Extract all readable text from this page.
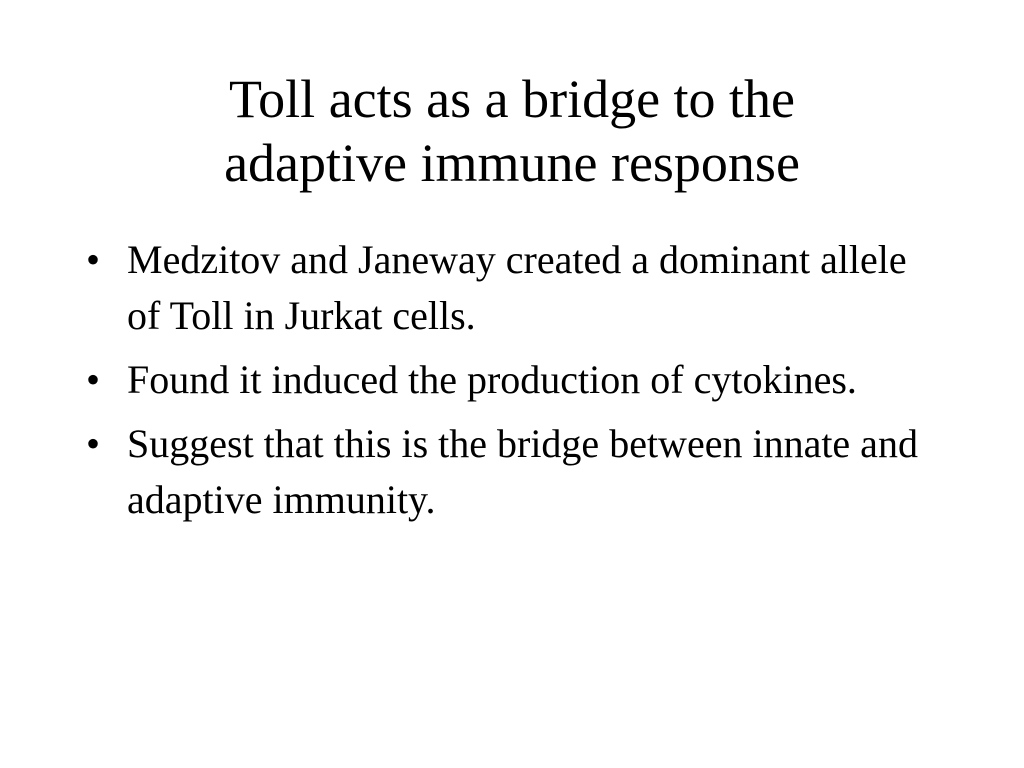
Toll acts as a bridge to the
adaptive immune response
• Medzitov and Janeway created a dominant allele of Toll in Jurkat cells.
• Found it induced the production of cytokines.
• Suggest that this is the bridge between innate and adaptive immunity.
